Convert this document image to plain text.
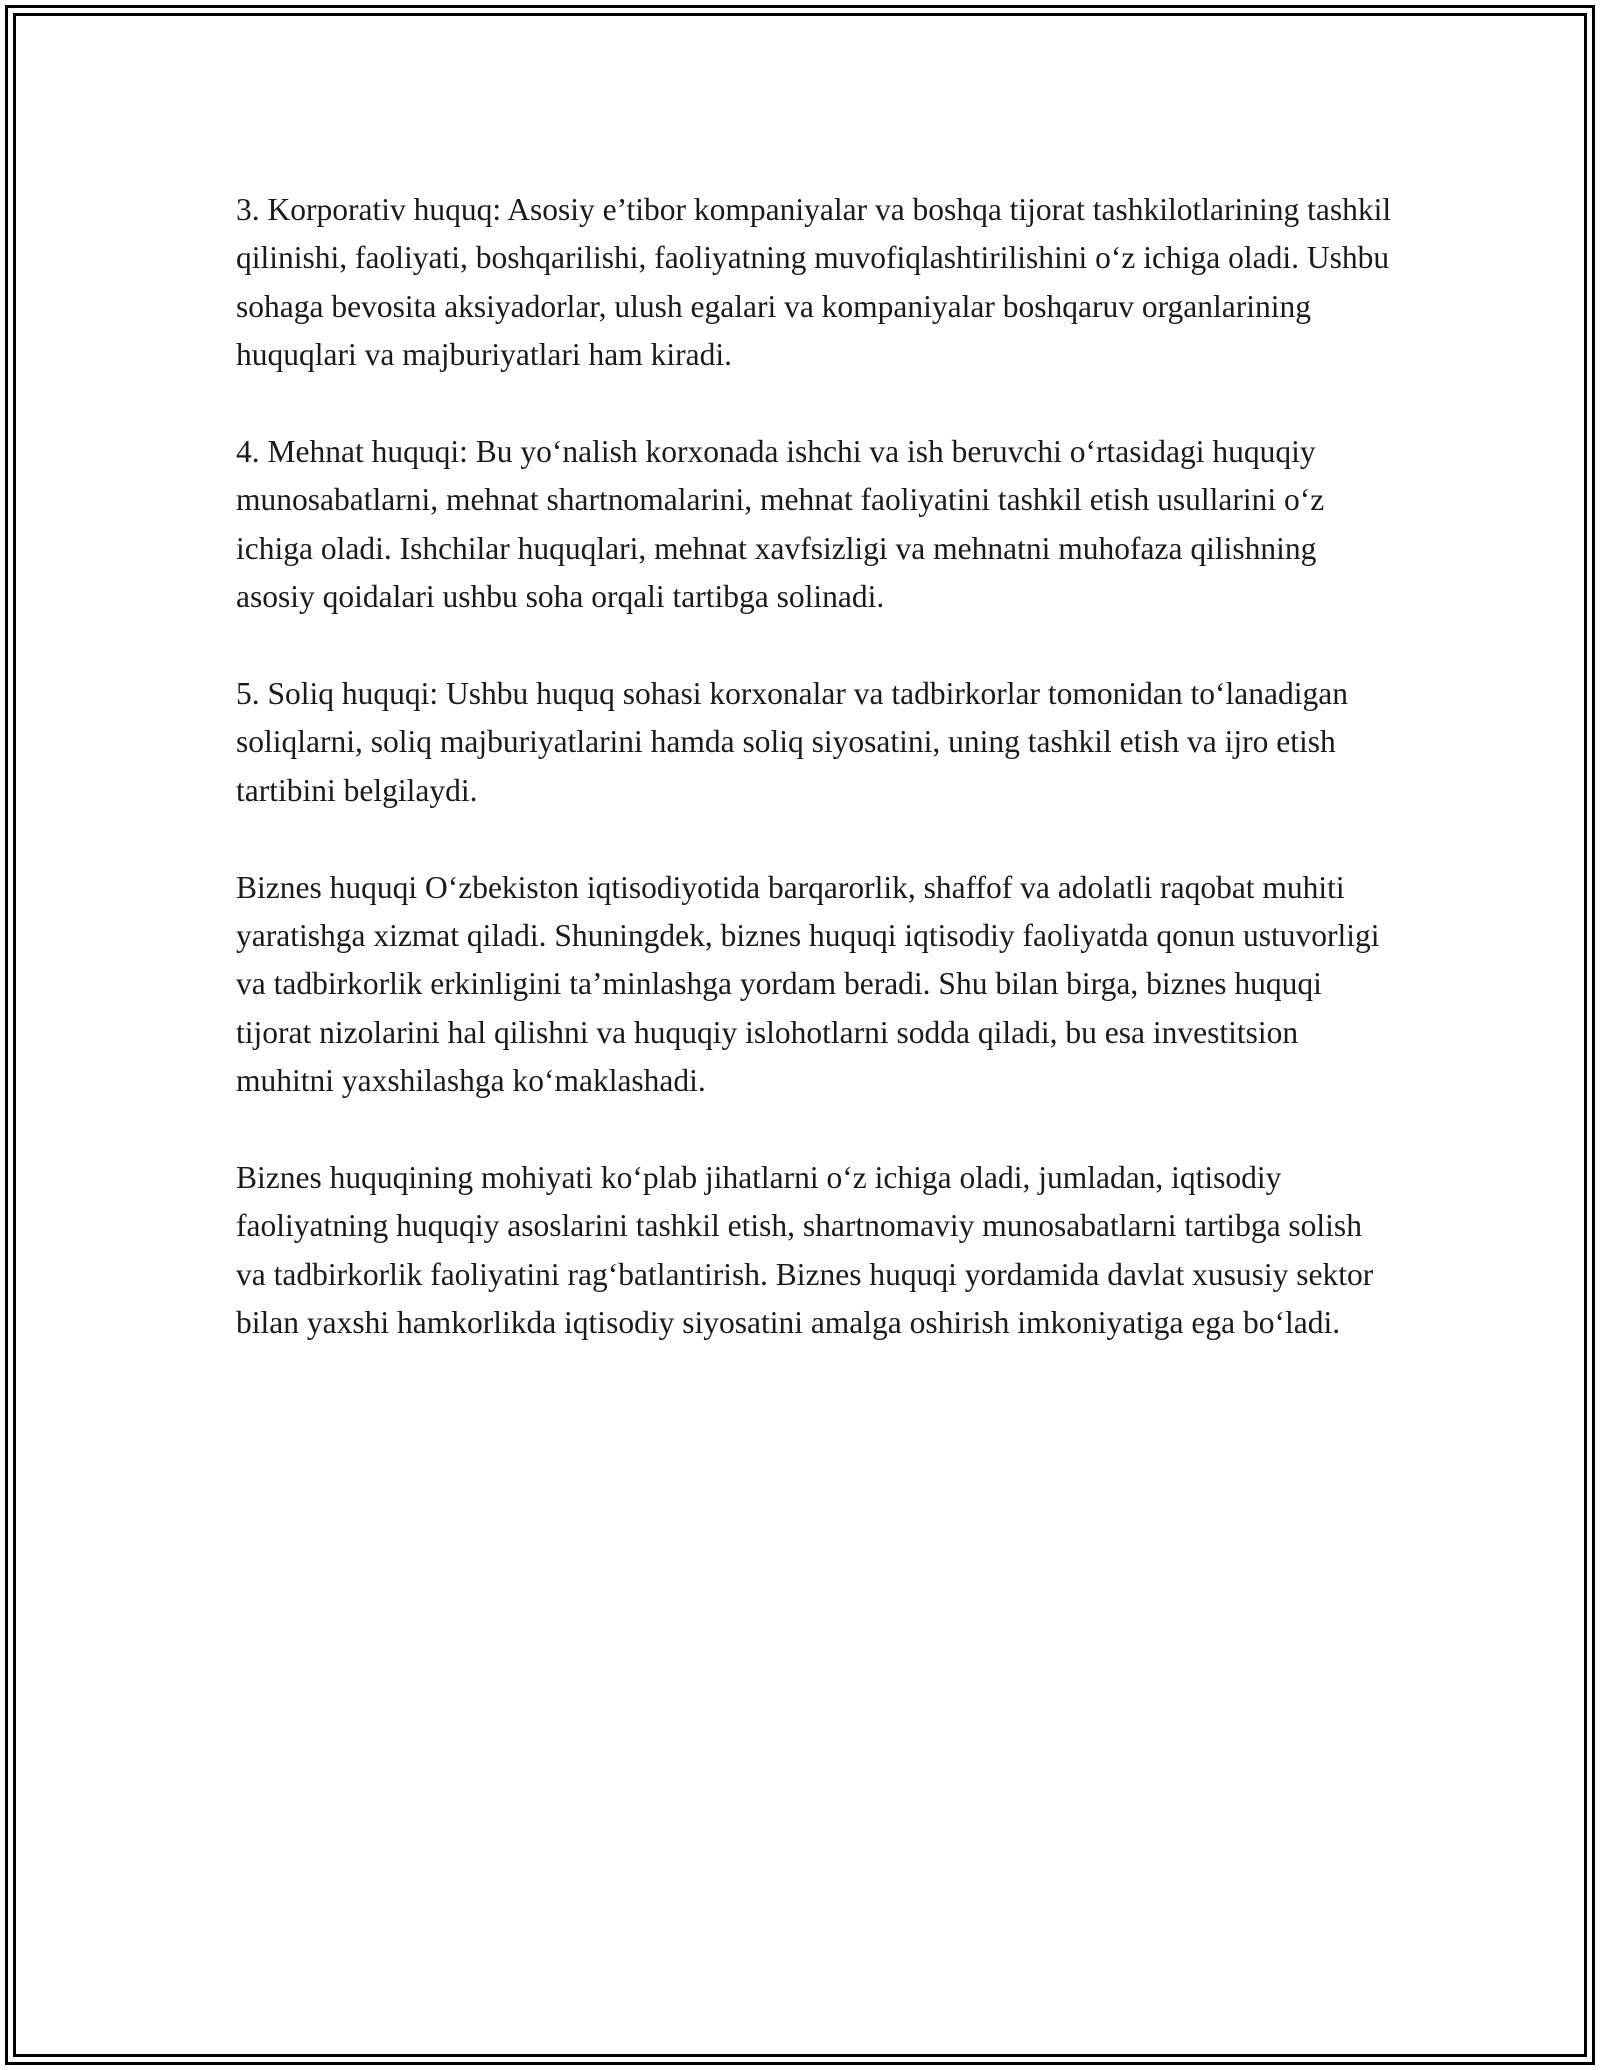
3. Korporativ huquq: Asosiy e’tibor kompaniyalar va boshqa tijorat tashkilotlarining tashkil qilinishi, faoliyati, boshqarilishi, faoliyatning muvofiqlashtirilishini o‘z ichiga oladi. Ushbu sohaga bevosita aksiyadorlar, ulush egalari va kompaniyalar boshqaruv organlarining huquqlari va majburiyatlari ham kiradi.

4. Mehnat huquqi: Bu yo‘nalish korxonada ishchi va ish beruvchi o‘rtasidagi huquqiy munosabatlarni, mehnat shartnomalarini, mehnat faoliyatini tashkil etish usullarini o‘z ichiga oladi. Ishchilar huquqlari, mehnat xavfsizligi va mehnatni muhofaza qilishning asosiy qoidalari ushbu soha orqali tartibga solinadi.

5. Soliq huquqi: Ushbu huquq sohasi korxonalar va tadbirkorlar tomonidan to‘lanadigan soliqlarni, soliq majburiyatlarini hamda soliq siyosatini, uning tashkil etish va ijro etish tartibini belgilaydi.

Biznes huquqi O‘zbekiston iqtisodiyotida barqarorlik, shaffof va adolatli raqobat muhiti yaratishga xizmat qiladi. Shuningdek, biznes huquqi iqtisodiy faoliyatda qonun ustuvorligi va tadbirkorlik erkinligini ta’minlashga yordam beradi. Shu bilan birga, biznes huquqi tijorat nizolarini hal qilishni va huquqiy islohotlarni sodda qiladi, bu esa investitsion muhitni yaxshilashga ko‘maklashadi.

Biznes huquqining mohiyati ko‘plab jihatlarni o‘z ichiga oladi, jumladan, iqtisodiy faoliyatning huquqiy asoslarini tashkil etish, shartnomaviy munosabatlarni tartibga solish va tadbirkorlik faoliyatini rag‘batlantirish. Biznes huquqi yordamida davlat xususiy sektor bilan yaxshi hamkorlikda iqtisodiy siyosatini amalga oshirish imkoniyatiga ega bo‘ladi.
